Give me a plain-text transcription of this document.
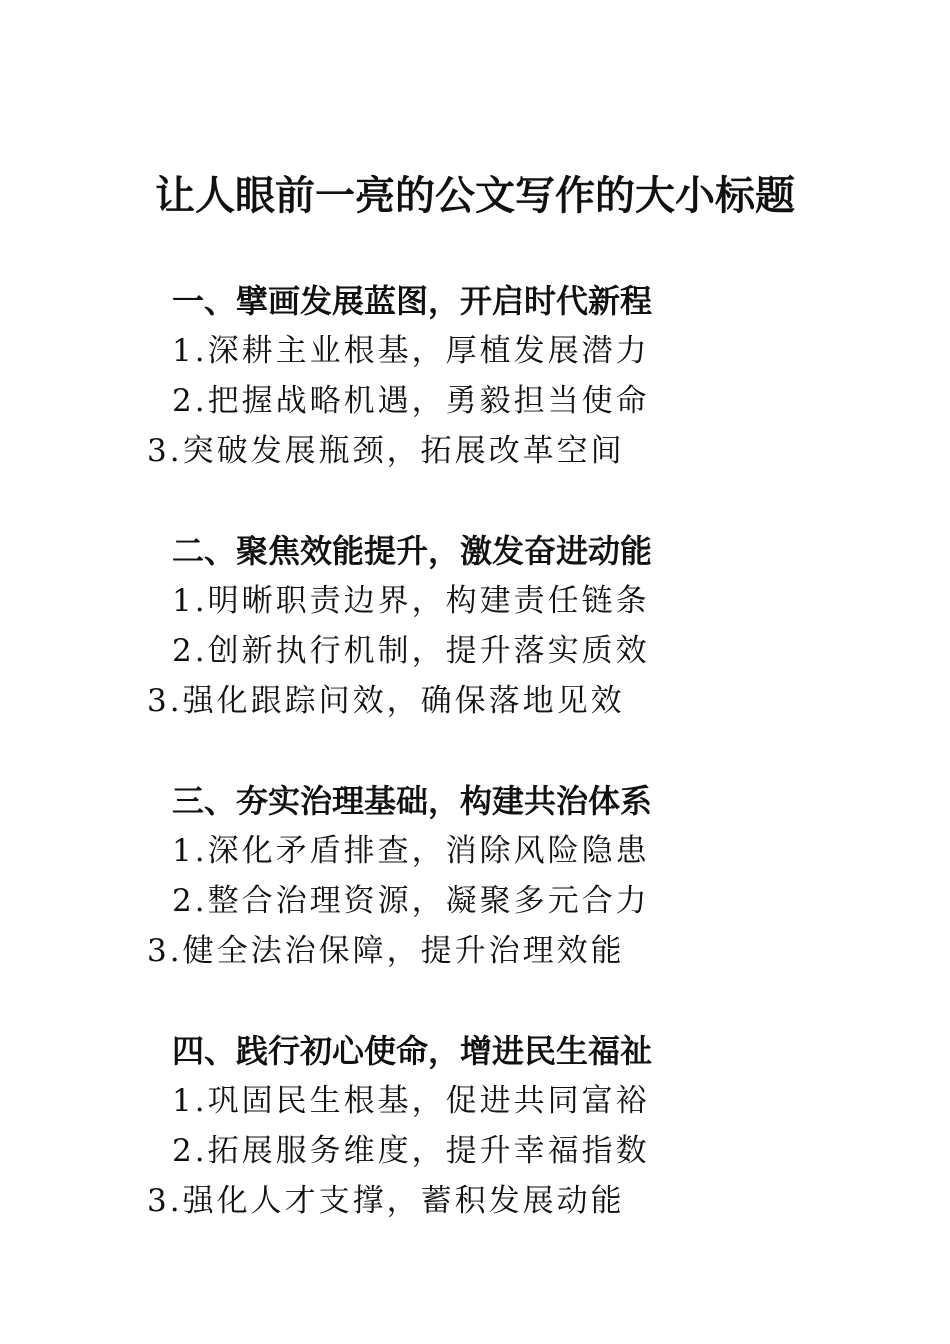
让人眼前一亮的公文写作的大小标题
一、擘画发展蓝图，开启时代新程
1.深耕主业根基，厚植发展潜力
2.把握战略机遇，勇毅担当使命
3.突破发展瓶颈，拓展改革空间
二、聚焦效能提升，激发奋进动能
1.明晰职责边界，构建责任链条
2.创新执行机制，提升落实质效
3.强化跟踪问效，确保落地见效
三、夯实治理基础，构建共治体系
1.深化矛盾排查，消除风险隐患
2.整合治理资源，凝聚多元合力
3.健全法治保障，提升治理效能
四、践行初心使命，增进民生福祉
1.巩固民生根基，促进共同富裕
2.拓展服务维度，提升幸福指数
3.强化人才支撑，蓄积发展动能
